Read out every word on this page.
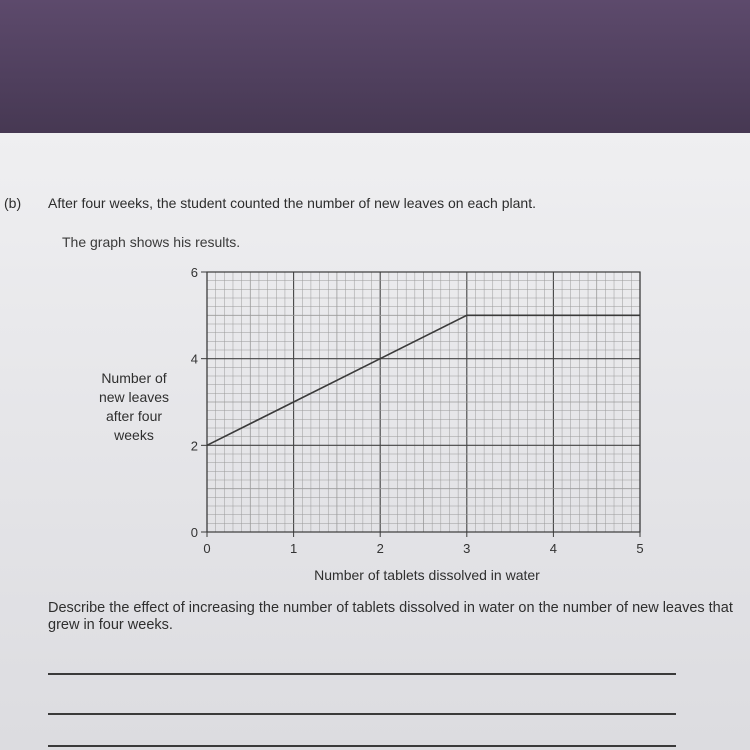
(b) After four weeks, the student counted the number of new leaves on each plant.
The graph shows his results.
0	1	2	3	4	5
0
2
4
6
Number of tablets dissolved in water
Number of
new leaves
after four
weeks
Describe the effect of increasing the number of tablets dissolved in water on the number of new leaves that grew in four weeks.
